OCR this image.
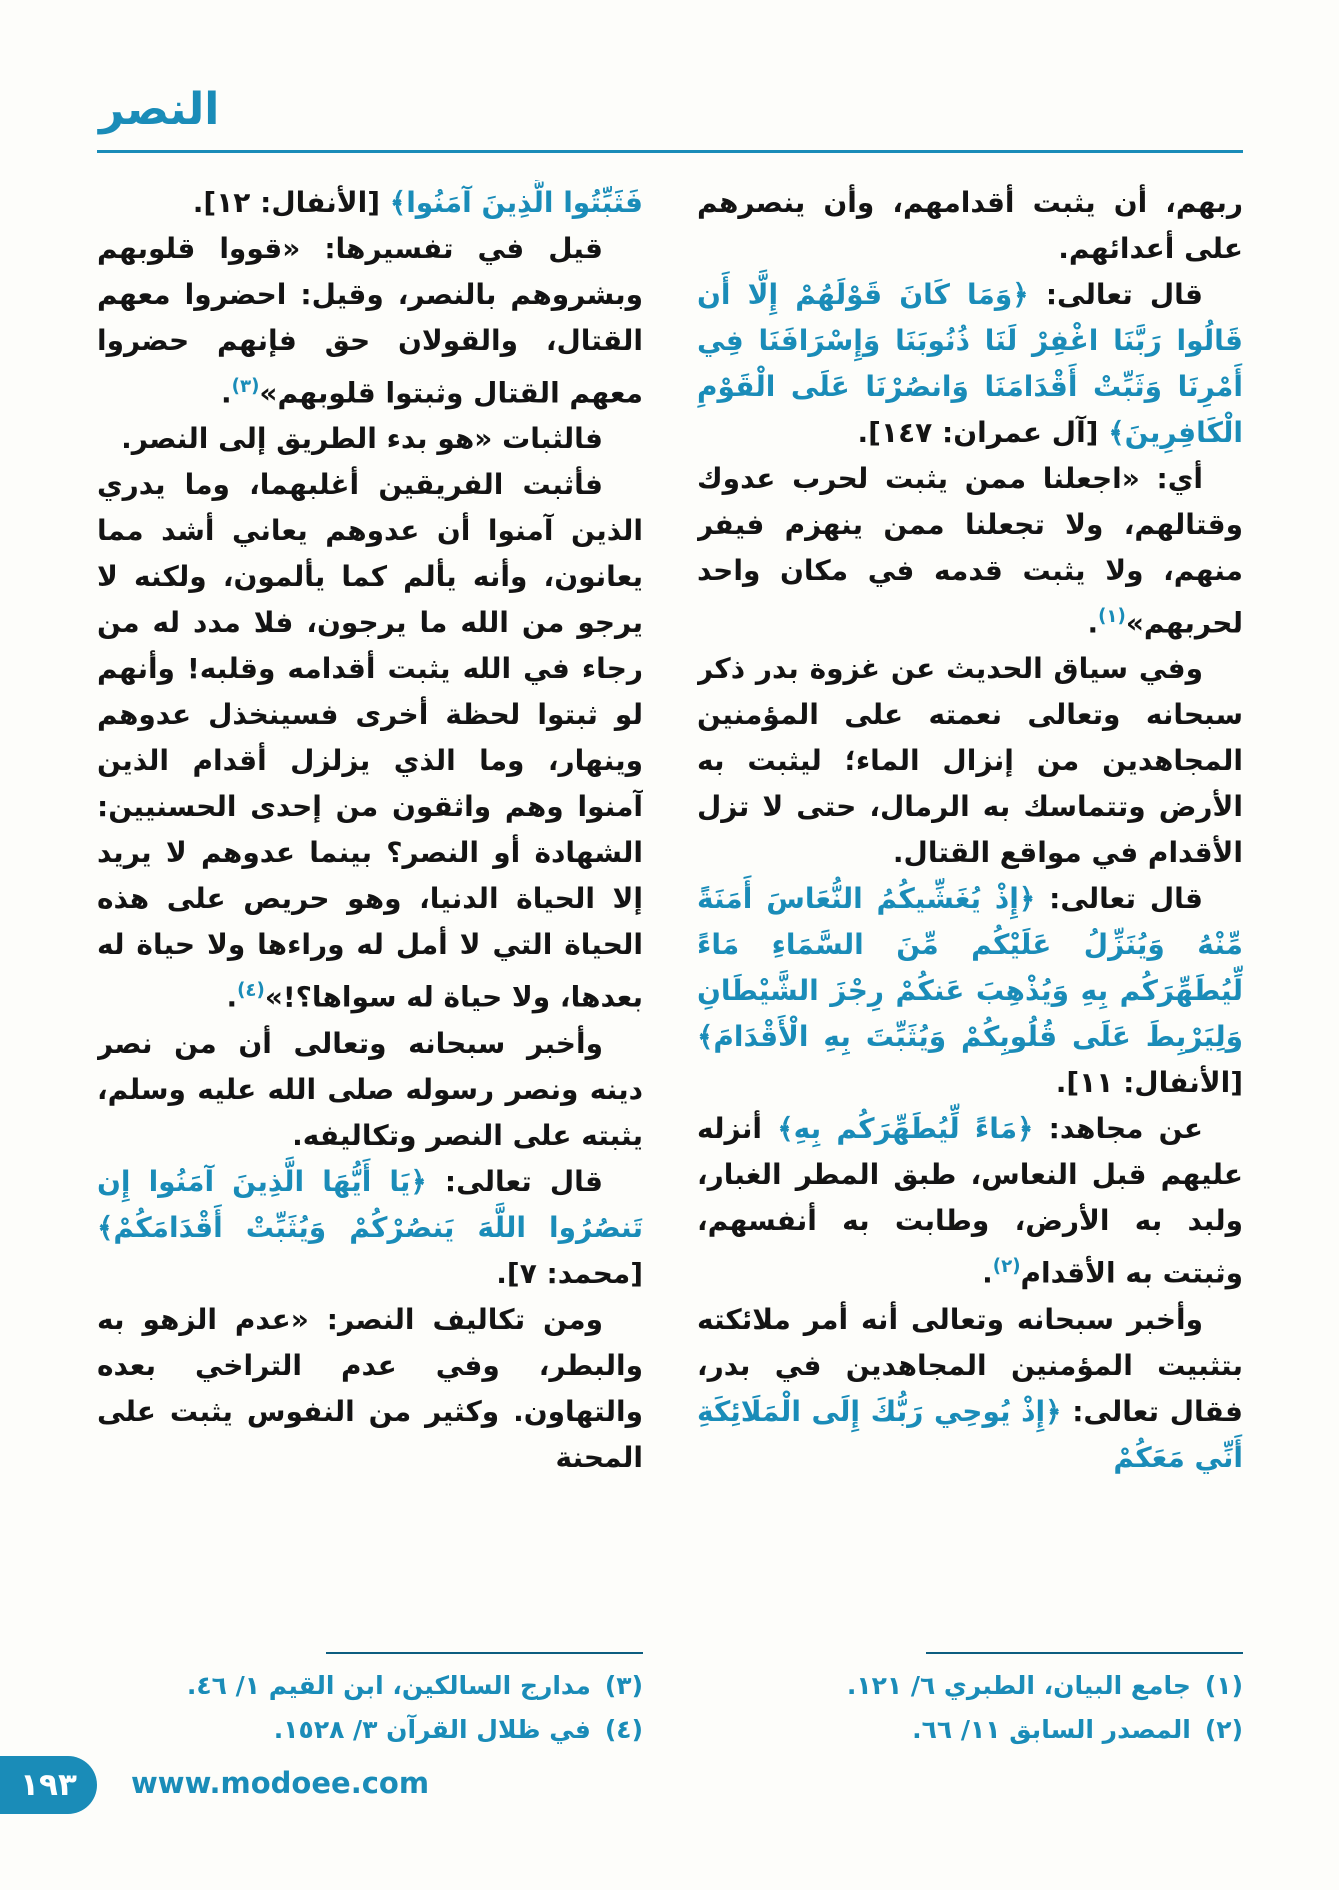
النصر

ربهم، أن يثبت أقدامهم، وأن ينصرهم على أعدائهم.

قال تعالى: ﴿وَمَا كَانَ قَوْلَهُمْ إِلَّا أَن قَالُوا رَبَّنَا اغْفِرْ لَنَا ذُنُوبَنَا وَإِسْرَافَنَا فِي أَمْرِنَا وَثَبِّتْ أَقْدَامَنَا وَانصُرْنَا عَلَى الْقَوْمِ الْكَافِرِينَ﴾ [آل عمران: ١٤٧].

أي: «اجعلنا ممن يثبت لحرب عدوك وقتالهم، ولا تجعلنا ممن ينهزم فيفر منهم، ولا يثبت قدمه في مكان واحد لحربهم»$^{(١)}$.

وفي سياق الحديث عن غزوة بدر ذكر سبحانه وتعالى نعمته على المؤمنين المجاهدين من إنزال الماء؛ ليثبت به الأرض وتتماسك به الرمال، حتى لا تزل الأقدام في مواقع القتال.

قال تعالى: ﴿إِذْ يُغَشِّيكُمُ النُّعَاسَ أَمَنَةً مِّنْهُ وَيُنَزِّلُ عَلَيْكُم مِّنَ السَّمَاءِ مَاءً لِّيُطَهِّرَكُم بِهِ وَيُذْهِبَ عَنكُمْ رِجْزَ الشَّيْطَانِ وَلِيَرْبِطَ عَلَى قُلُوبِكُمْ وَيُثَبِّتَ بِهِ الْأَقْدَامَ﴾ [الأنفال: ١١].

عن مجاهد: ﴿مَاءً لِّيُطَهِّرَكُم بِهِ﴾ أنزله عليهم قبل النعاس، طبق المطر الغبار، ولبد به الأرض، وطابت به أنفسهم، وثبتت به الأقدام$^{(٢)}$.

وأخبر سبحانه وتعالى أنه أمر ملائكته بتثبيت المؤمنين المجاهدين في بدر، فقال تعالى: ﴿إِذْ يُوحِي رَبُّكَ إِلَى الْمَلَائِكَةِ أَنِّي مَعَكُمْ

فَثَبِّتُوا الَّذِينَ آمَنُوا﴾ [الأنفال: ١٢].

قيل في تفسيرها: «قووا قلوبهم وبشروهم بالنصر، وقيل: احضروا معهم القتال، والقولان حق فإنهم حضروا معهم القتال وثبتوا قلوبهم»$^{(٣)}$.

فالثبات «هو بدء الطريق إلى النصر.

فأثبت الفريقين أغلبهما، وما يدري الذين آمنوا أن عدوهم يعاني أشد مما يعانون، وأنه يألم كما يألمون، ولكنه لا يرجو من الله ما يرجون، فلا مدد له من رجاء في الله يثبت أقدامه وقلبه! وأنهم لو ثبتوا لحظة أخرى فسينخذل عدوهم وينهار، وما الذي يزلزل أقدام الذين آمنوا وهم واثقون من إحدى الحسنيين: الشهادة أو النصر؟ بينما عدوهم لا يريد إلا الحياة الدنيا، وهو حريص على هذه الحياة التي لا أمل له وراءها ولا حياة له بعدها، ولا حياة له سواها؟!»$^{(٤)}$.

وأخبر سبحانه وتعالى أن من نصر دينه ونصر رسوله صلى الله عليه وسلم، يثبته على النصر وتكاليفه.

قال تعالى: ﴿يَا أَيُّهَا الَّذِينَ آمَنُوا إِن تَنصُرُوا اللَّهَ يَنصُرْكُمْ وَيُثَبِّتْ أَقْدَامَكُمْ﴾ [محمد: ٧].

ومن تكاليف النصر: «عدم الزهو به والبطر، وفي عدم التراخي بعده والتهاون. وكثير من النفوس يثبت على المحنة

(١)جامع البيان، الطبري ٦/ ١٢١.
(٢)المصدر السابق ١١/ ٦٦.
(٣)مدارج السالكين، ابن القيم ١/ ٤٦.
(٤)في ظلال القرآن ٣/ ١٥٢٨.
١٩٣ www.modoee.com
